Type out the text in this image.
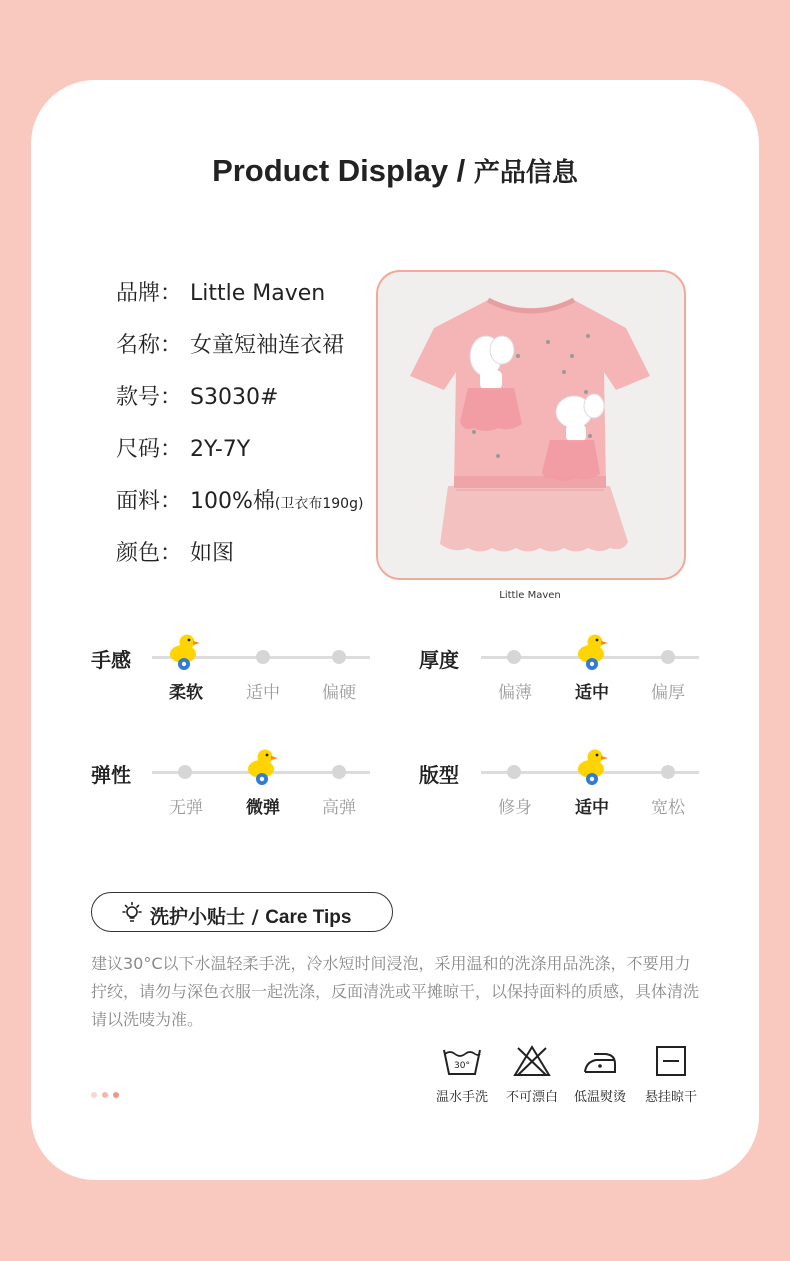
Product Display / 产品信息
品牌： Little Maven
名称： 女童短袖连衣裙
款号： S3030#
尺码： 2Y-7Y
面料： 100%棉(卫衣布190g)
颜色： 如图
Little Maven
手感
柔软	适中	偏硬
厚度
偏薄	适中	偏厚
弹性
无弹	微弹	高弹
版型
修身	适中	宽松
洗护小贴士 / Care Tips
建议30°C以下水温轻柔手洗，冷水短时间浸泡，采用温和的洗涤用品洗涤，不要用力拧绞，请勿与深色衣服一起洗涤，反面清洗或平摊晾干，以保持面料的质感，具体清洗请以洗唛为准。
30°
温水手洗	不可漂白	低温熨烫	悬挂晾干
